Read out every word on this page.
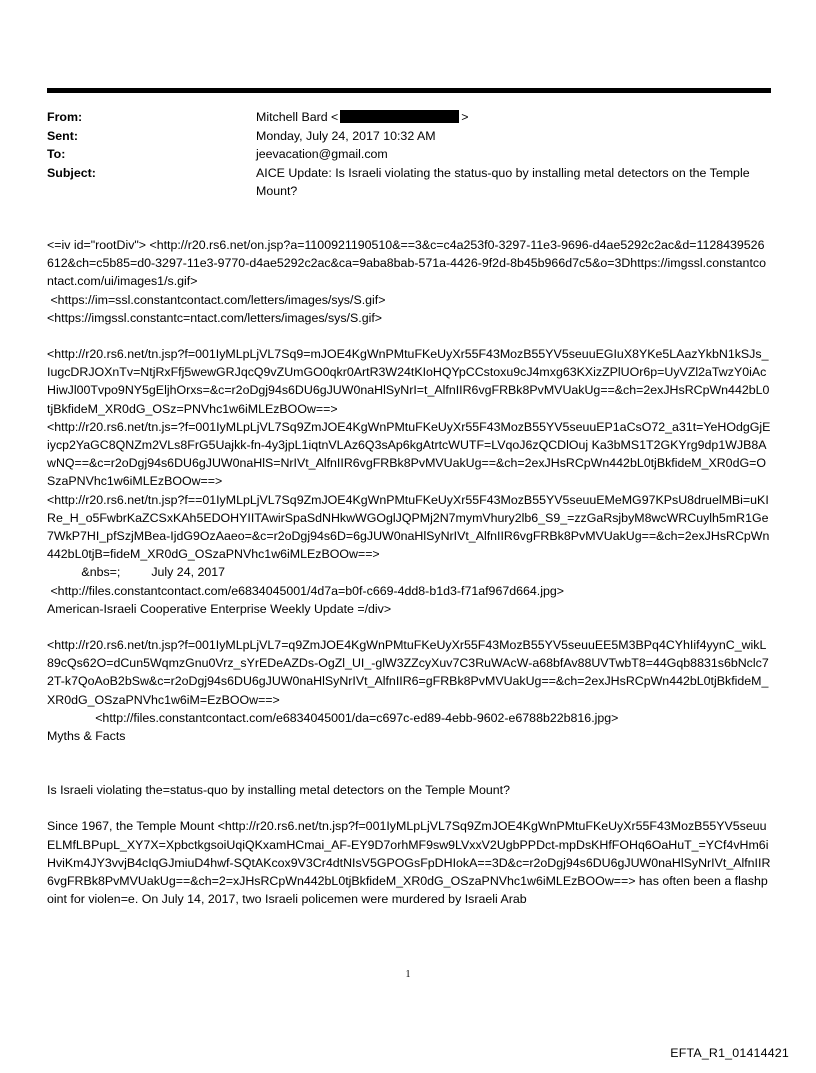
From:	Mitchell Bard <	>
Sent:	Monday, July 24, 2017 10:32 AM
To:	jeevacation@gmail.com
Subject:	AICE Update: Is Israeli violating the status-quo by installing metal detectors on the Temple Mount?

<=iv id="rootDiv"> <http://r20.rs6.net/on.jsp?a=1100921190510&==3&c=c4a253f0-3297-11e3-9696-d4ae5292c2ac&d=1128439526612&ch=c5b85=d0-3297-11e3-9770-d4ae5292c2ac&ca=9aba8bab-571a-4426-9f2d-8b45b966d7c5&o=3Dhttps://imgssl.constantcontact.com/ui/images1/s.gif>

<https://im=ssl.constantcontact.com/letters/images/sys/S.gif>

<https://imgssl.constantc=ntact.com/letters/images/sys/S.gif>

<http://r20.rs6.net/tn.jsp?f=001IyMLpLjVL7Sq9=mJOE4KgWnPMtuFKeUyXr55F43MozB55YV5seuuEGIuX8YKe5LAazYkbN1kSJs_IugcDRJOXnTv=NtjRxFfj5wewGRJqcQ9vZUmGO0qkr0ArtR3W24tKIoHQYpCCstoxu9cJ4mxg63KXizZPlUOr6p=UyVZl2aTwzY0iAcHiwJl00Tvpo9NY5gEljhOrxs=&c=r2oDgj94s6DU6gJUW0naHlSyNrI=t_AlfnIIR6vgFRBk8PvMVUakUg==&ch=2exJHsRCpWn442bL0tjBkfideM_XR0dG_OSz=PNVhc1w6iMLEzBOOw==>

<http://r20.rs6.net/tn.js=?f=001IyMLpLjVL7Sq9ZmJOE4KgWnPMtuFKeUyXr55F43MozB55YV5seuuEP1aCsO72_a31t=YeHOdgGjEiycp2YaGC8QNZm2VLs8FrG5Uajkk-fn-4y3jpL1iqtnVLAz6Q3sAp6kgAtrtcWUTF=LVqoJ6zQCDlOuj Ka3bMS1T2GKYrg9dp1WJB8AwNQ==&c=r2oDgj94s6DU6gJUW0naHlS=NrIVt_AlfnIIR6vgFRBk8PvMVUakUg==&ch=2exJHsRCpWn442bL0tjBkfideM_XR0dG=OSzaPNVhc1w6iMLEzBOOw==>

<http://r20.rs6.net/tn.jsp?f==01IyMLpLjVL7Sq9ZmJOE4KgWnPMtuFKeUyXr55F43MozB55YV5seuuEMeMG97KPsU8druelMBi=uKIRe_H_o5FwbrKaZCSxKAh5EDOHYIITAwirSpaSdNHkwWGOglJQPMj2N7mymVhury2lb6_S9_=zzGaRsjbyM8wcWRCuylh5mR1Ge7WkP7HI_pfSzjMBea-IjdG9OzAaeo=&c=r2oDgj94s6D=6gJUW0naHlSyNrIVt_AlfnIIR6vgFRBk8PvMVUakUg==&ch=2exJHsRCpWn442bL0tjB=fideM_XR0dG_OSzaPNVhc1w6iMLEzBOOw==>

&nbs=;         July 24, 2017

<http://files.constantcontact.com/e6834045001/4d7a=b0f-c669-4dd8-b1d3-f71af967d664.jpg>

American-Israeli Cooperative Enterprise Weekly Update =/div>

<http://r20.rs6.net/tn.jsp?f=001IyMLpLjVL7=q9ZmJOE4KgWnPMtuFKeUyXr55F43MozB55YV5seuuEE5M3BPq4CYhIif4yynC_wikL89cQs62O=dCun5WqmzGnu0Vrz_sYrEDeAZDs-OgZl_UI_-glW3ZZcyXuv7C3RuWAcW-a68bfAv88UVTwbT8=44Gqb8831s6bNclc72T-k7QoAoB2bSw&c=r2oDgj94s6DU6gJUW0naHlSyNrIVt_AlfnIIR6=gFRBk8PvMVUakUg==&ch=2exJHsRCpWn442bL0tjBkfideM_XR0dG_OSzaPNVhc1w6iM=EzBOOw==>

<http://files.constantcontact.com/e6834045001/da=c697c-ed89-4ebb-9602-e6788b22b816.jpg>

Myths & Facts

Is Israeli violating the=status-quo by installing metal detectors on the Temple Mount?

Since 1967, the Temple Mount <http://r20.rs6.net/tn.jsp?f=001IyMLpLjVL7Sq9ZmJOE4KgWnPMtuFKeUyXr55F43MozB55YV5seuuELMfLBPupL_XY7X=XpbctkgsoiUqiQKxamHCmai_AF-EY9D7orhMF9sw9LVxxV2UgbPPDct-mpDsKHfFOHq6OaHuT_=YCf4vHm6iHviKm4JY3vvjB4cIqGJmiuD4hwf-SQtAKcox9V3Cr4dtNIsV5GPOGsFpDHIokA==3D&c=r2oDgj94s6DU6gJUW0naHlSyNrIVt_AlfnIIR6vgFRBk8PvMVUakUg==&ch=2=xJHsRCpWn442bL0tjBkfideM_XR0dG_OSzaPNVhc1w6iMLEzBOOw==> has often been a flashpoint for violen=e. On July 14, 2017, two Israeli policemen were murdered by Israeli Arab

1
EFTA_R1_01414421
